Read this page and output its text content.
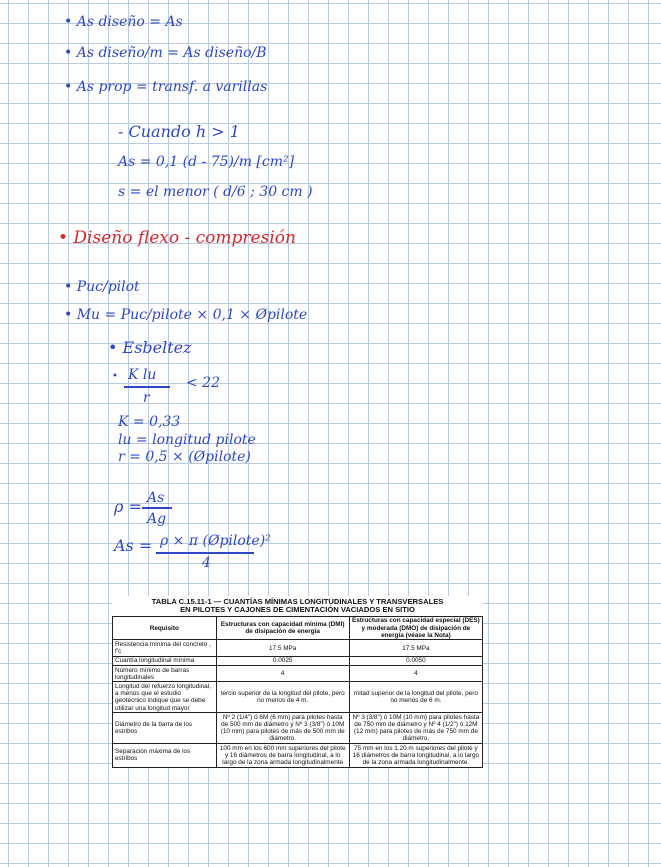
• As diseño = As
• As diseño/m = As diseño/B
• As prop = transf. a varillas
- Cuando h > 1
As = 0,1 (d - 75)/m [cm²]
s = el menor ( d/6 ; 30 cm )
• Diseño flexo - compresión
• Puc/pilot
• Mu = Puc/pilote × 0,1 × Øpilote
• Esbeltez
• K lu
r
< 22
K = 0,33
lu = longitud pilote
r = 0,5 × (Øpilote)
ρ = As
Ag
As = ρ × π (Øpilote)²
4
TABLA C.15.11-1 — CUANTÍAS MÍNIMAS LONGITUDINALES Y TRANSVERSALES
EN PILOTES Y CAJONES DE CIMENTACIÓN VACIADOS EN SITIO
Requisito	Estructuras con capacidad mínima (DMI) de disipación de energía	Estructuras con capacidad especial (DES) y moderada (DMO) de disipación de energía (véase la Nota)
Resistencia mínima del concreto , f'c	17.5 MPa	17.5 MPa
Cuantía longitudinal mínima	0.0025	0.0050
Número mínimo de barras longitudinales	4	4
Longitud del refuerzo longitudinal, a menos que el estudio geotécnico indique que se debe utilizar una longitud mayor	tercio superior de la longitud del pilote, pero no menos de 4 m.	mitad superior de la longitud del pilote, pero no menos de 6 m.
Diámetro de la barra de los estribos	Nº 2 (1/4") ó 6M (6 mm) para pilotes hasta de 500 mm de diámetro y Nº 3 (3/8") ó 10M (10 mm) para pilotes de más de 500 mm de diámetro.	Nº 3 (3/8") ó 10M (10 mm) para pilotes hasta de 750 mm de diámetro y Nº 4 (1/2") ó 12M (12 mm) para pilotes de más de 750 mm de diámetro.
Separación máxima de los estribos	100 mm en los 600 mm superiores del pilote y 16 diámetros de barra longitudinal, a lo largo de la zona armada longitudinalmente	75 mm en los 1.20 m superiores del pilote y 16 diámetros de barra longitudinal, a lo largo de la zona armada longitudinalmente.
